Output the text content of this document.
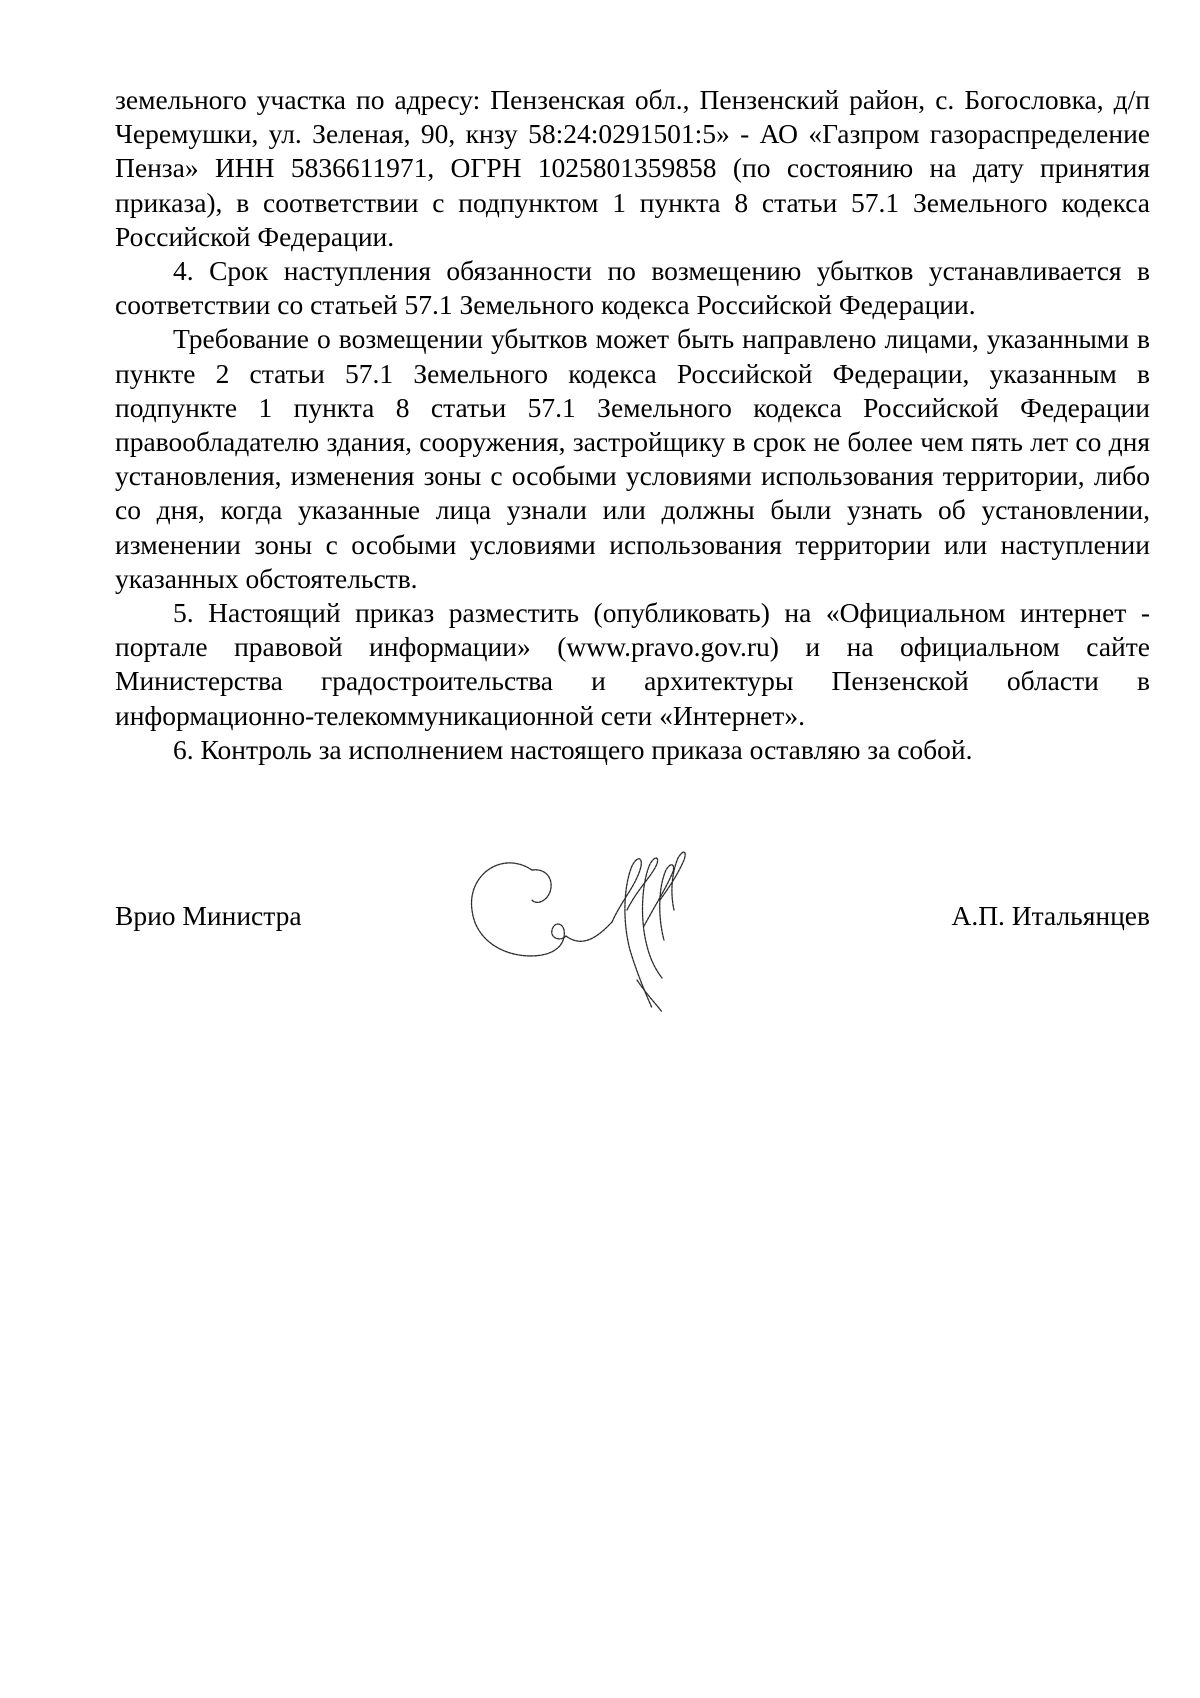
земельного участка по адресу: Пензенская обл., Пензенский район, с. Богословка, д/п Черемушки, ул. Зеленая, 90, кнзу 58:24:0291501:5» - АО «Газпром газораспределение Пенза» ИНН 5836611971, ОГРН 1025801359858 (по состоянию на дату принятия приказа), в соответствии с подпунктом 1 пункта 8 статьи 57.1 Земельного кодекса Российской Федерации.

4. Срок наступления обязанности по возмещению убытков устанавливается в соответствии со статьей 57.1 Земельного кодекса Российской Федерации.

Требование о возмещении убытков может быть направлено лицами, указанными в пункте 2 статьи 57.1 Земельного кодекса Российской Федерации, указанным в подпункте 1 пункта 8 статьи 57.1 Земельного кодекса Российской Федерации правообладателю здания, сооружения, застройщику в срок не более чем пять лет со дня установления, изменения зоны с особыми условиями использования территории, либо со дня, когда указанные лица узнали или должны были узнать об установлении, изменении зоны с особыми условиями использования территории или наступлении указанных обстоятельств.

5. Настоящий приказ разместить (опубликовать) на «Официальном интернет - портале правовой информации» (www.pravo.gov.ru) и на официальном сайте Министерства градостроительства и архитектуры Пензенской области в информационно-телекоммуникационной сети «Интернет».

6. Контроль за исполнением настоящего приказа оставляю за собой.

Врио Министра	А.П. Итальянцев
